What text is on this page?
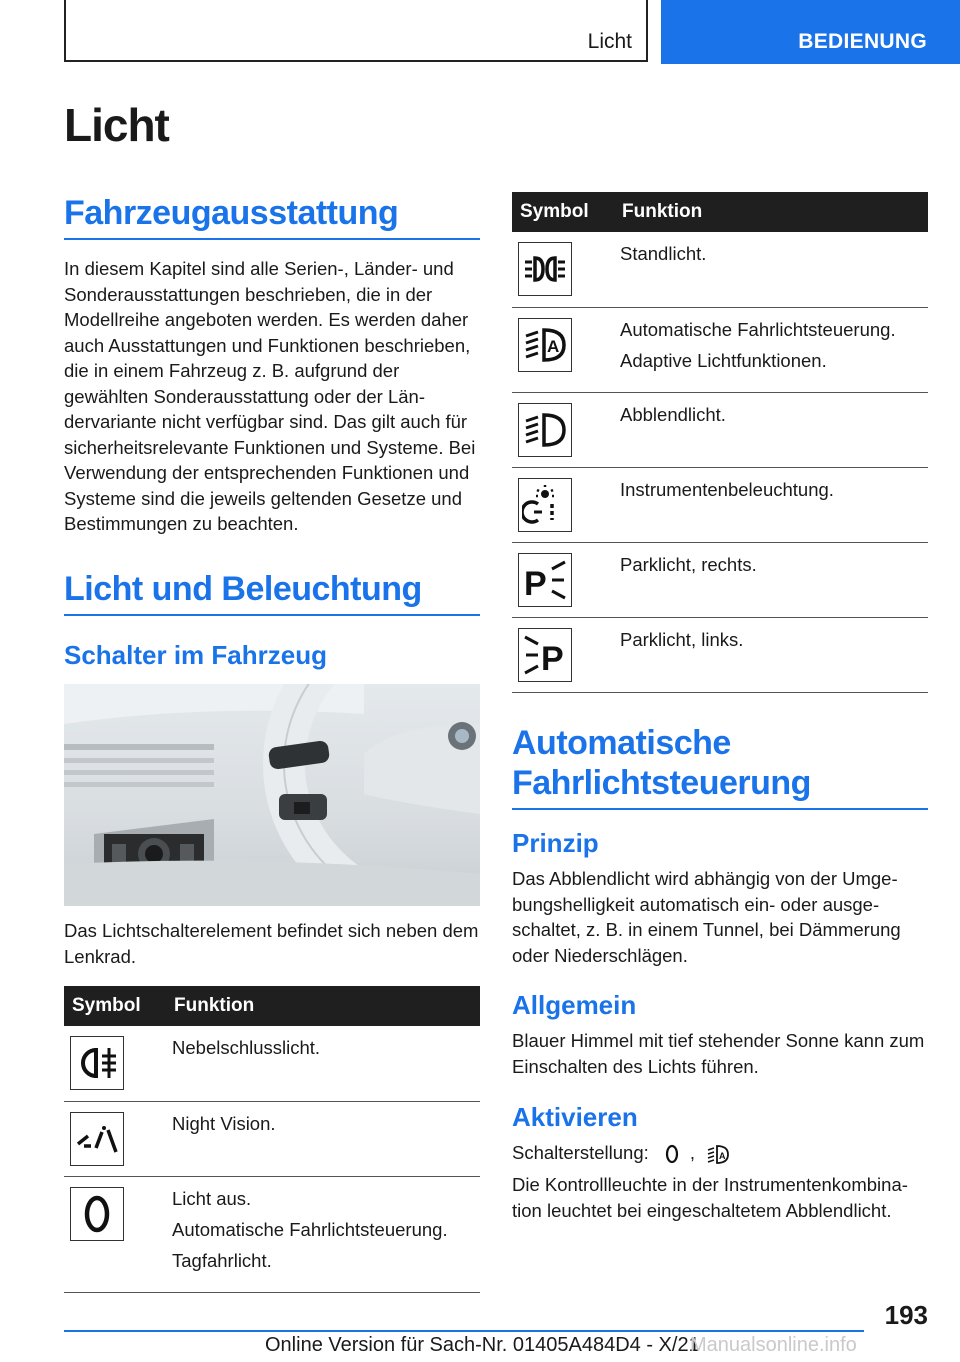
Licht	BEDIENUNG
Licht
Fahrzeugausstattung

In diesem Kapitel sind alle Serien-, Länder- und Sonderausstattungen beschrieben, die in der Modellreihe angeboten werden. Es werden daher auch Ausstattungen und Funktionen beschrieben, die in einem Fahrzeug z. B. aufgrund der gewählten Sonderausstattung oder der Ländervariante nicht verfügbar sind. Das gilt auch für sicherheitsrelevante Funktionen und Systeme. Bei Verwendung der entsprechenden Funktionen und Systeme sind die jeweils geltenden Gesetze und Bestimmungen zu beachten.

Licht und Beleuchtung
Schalter im Fahrzeug

Das Lichtschalterelement befindet sich neben dem Lenkrad.

Symbol	Funktion

Nebelschlusslicht.

Night Vision.

Licht aus.
Automatische Fahrlichtsteuerung.
Tagfahrlicht.
Symbol	Funktion

Standlicht.

A	Automatische Fahrlichtsteuerung.
Adaptive Lichtfunktionen.

Abblendlicht.

Instrumentenbeleuchtung.

P	Parklicht, rechts.

P	Parklicht, links.
Automatische
Fahrlichtsteuerung
Prinzip

Das Abblendlicht wird abhängig von der Umgebungshelligkeit automatisch ein- oder ausgeschaltet, z. B. in einem Tunnel, bei Dämmerung oder Niederschlägen.

Allgemein

Blauer Himmel mit tief stehender Sonne kann zum Einschalten des Lichts führen.

Aktivieren

Schalterstellung: ,	A

Die Kontrollleuchte in der Instrumentenkombination leuchtet bei eingeschaltetem Abblendlicht.

193
Online Version für Sach-Nr. 01405A484D4 - X/21
Manualsonline.info
